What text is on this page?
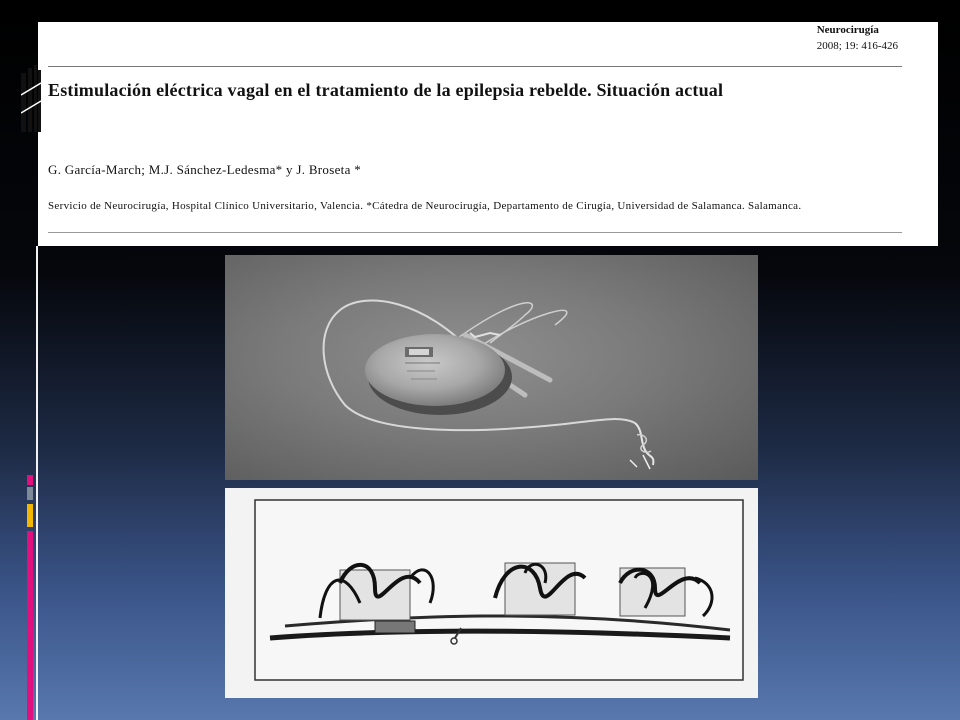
Neurocirugía
2008; 19: 416-426
Estimulación eléctrica vagal en el tratamiento de la epilepsia rebelde. Situación actual
G. García-March; M.J. Sánchez-Ledesma* y J. Broseta *
Servicio de Neurocirugía, Hospital Clínico Universitario, Valencia. *Cátedra de Neurocirugía, Departamento de Cirugía, Universidad de Salamanca. Salamanca.
